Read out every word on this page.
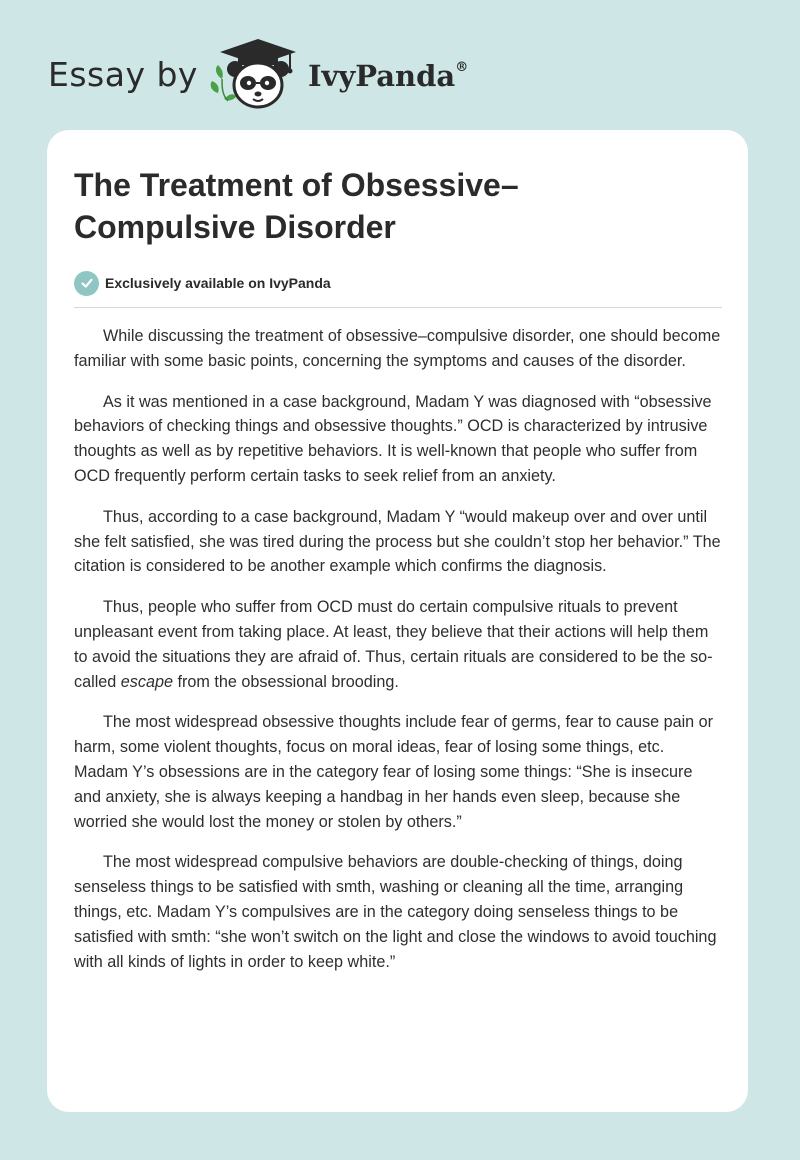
Essay by	IvyPanda®
The Treatment of Obsessive–Compulsive Disorder
Exclusively available on IvyPanda

While discussing the treatment of obsessive–compulsive disorder, one should become familiar with some basic points, concerning the symptoms and causes of the disorder.

As it was mentioned in a case background, Madam Y was diagnosed with “obsessive behaviors of checking things and obsessive thoughts.” OCD is characterized by intrusive thoughts as well as by repetitive behaviors. It is well-known that people who suffer from OCD frequently perform certain tasks to seek relief from an anxiety.

Thus, according to a case background, Madam Y “would makeup over and over until she felt satisfied, she was tired during the process but she couldn’t stop her behavior.” The citation is considered to be another example which confirms the diagnosis.

Thus, people who suffer from OCD must do certain compulsive rituals to prevent unpleasant event from taking place. At least, they believe that their actions will help them to avoid the situations they are afraid of. Thus, certain rituals are considered to be the so-called escape from the obsessional brooding.

The most widespread obsessive thoughts include fear of germs, fear to cause pain or harm, some violent thoughts, focus on moral ideas, fear of losing some things, etc. Madam Y’s obsessions are in the category fear of losing some things: “She is insecure and anxiety, she is always keeping a handbag in her hands even sleep, because she worried she would lost the money or stolen by others.”

The most widespread compulsive behaviors are double-checking of things, doing senseless things to be satisfied with smth, washing or cleaning all the time, arranging things, etc. Madam Y’s compulsives are in the category doing senseless things to be satisfied with smth: “she won’t switch on the light and close the windows to avoid touching with all kinds of lights in order to keep white.”
